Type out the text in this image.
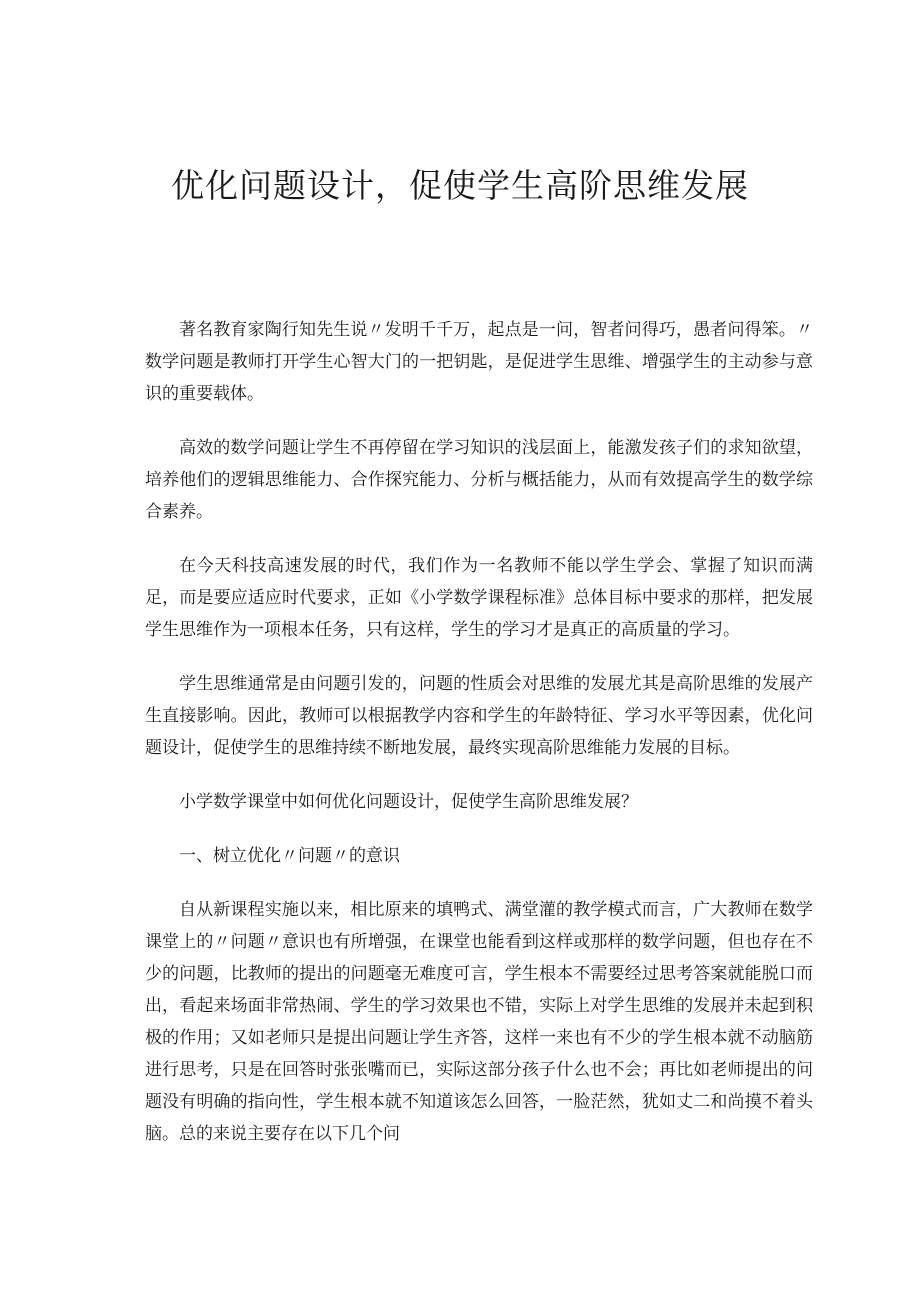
优化问题设计，促使学生高阶思维发展

著名教育家陶行知先生说〃发明千千万，起点是一问，智者问得巧，愚者问得笨。〃数学问题是教师打开学生心智大门的一把钥匙，是促进学生思维、增强学生的主动参与意识的重要载体。

高效的数学问题让学生不再停留在学习知识的浅层面上，能激发孩子们的求知欲望，培养他们的逻辑思维能力、合作探究能力、分析与概括能力，从而有效提高学生的数学综合素养。

在今天科技高速发展的时代，我们作为一名教师不能以学生学会、掌握了知识而满足，而是要应适应时代要求，正如《小学数学课程标准》总体目标中要求的那样，把发展学生思维作为一项根本任务，只有这样，学生的学习才是真正的高质量的学习。

学生思维通常是由问题引发的，问题的性质会对思维的发展尤其是高阶思维的发展产生直接影响。因此，教师可以根据教学内容和学生的年龄特征、学习水平等因素，优化问题设计，促使学生的思维持续不断地发展，最终实现高阶思维能力发展的目标。

小学数学课堂中如何优化问题设计，促使学生高阶思维发展？

一、树立优化〃问题〃的意识

自从新课程实施以来，相比原来的填鸭式、满堂灌的教学模式而言，广大教师在数学课堂上的〃问题〃意识也有所增强，在课堂也能看到这样或那样的数学问题，但也存在不少的问题，比教师的提出的问题毫无难度可言，学生根本不需要经过思考答案就能脱口而出，看起来场面非常热闹、学生的学习效果也不错，实际上对学生思维的发展并未起到积极的作用；又如老师只是提出问题让学生齐答，这样一来也有不少的学生根本就不动脑筋进行思考，只是在回答时张张嘴而已，实际这部分孩子什么也不会；再比如老师提出的问题没有明确的指向性，学生根本就不知道该怎么回答，一脸茫然，犹如丈二和尚摸不着头脑。总的来说主要存在以下几个问
